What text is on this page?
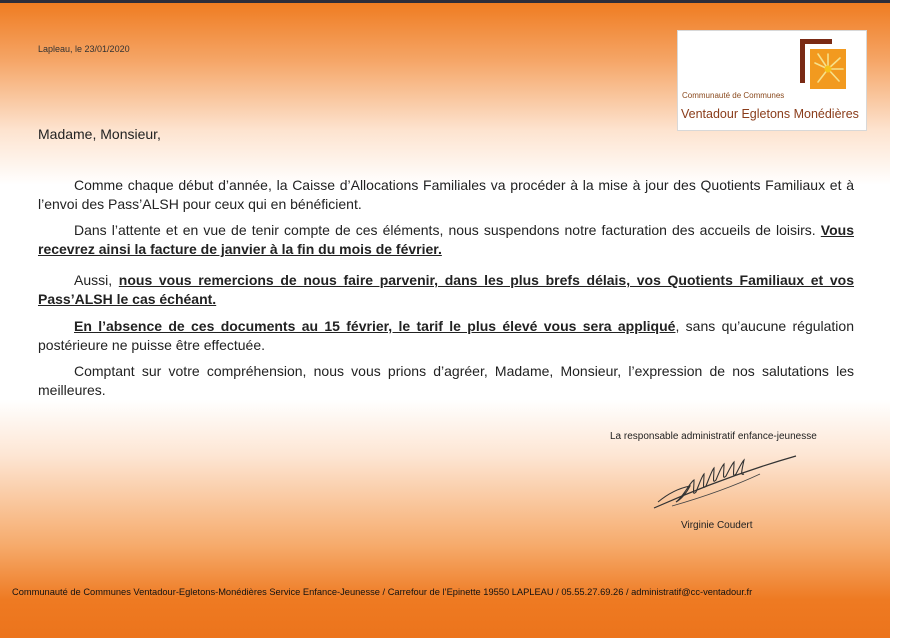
Lapleau, le 23/01/2020
Communauté de Communes
Ventadour Egletons Monédières
Madame, Monsieur,

Comme chaque début d’année, la Caisse d’Allocations Familiales va procéder à la mise à jour des Quotients Familiaux et à l’envoi des Pass’ALSH pour ceux qui en bénéficient.

Dans l’attente et en vue de tenir compte de ces éléments, nous suspendons notre facturation des accueils de loisirs. Vous recevrez ainsi la facture de janvier à la fin du mois de février.

Aussi, nous vous remercions de nous faire parvenir, dans les plus brefs délais, vos Quotients Familiaux et vos Pass’ALSH le cas échéant.

En l’absence de ces documents au 15 février, le tarif le plus élevé vous sera appliqué, sans qu’aucune régulation postérieure ne puisse être effectuée.

Comptant sur votre compréhension, nous vous prions d’agréer, Madame, Monsieur, l’expression de nos salutations les meilleures.

La responsable administratif enfance-jeunesse
Virginie Coudert
Communauté de Communes Ventadour-Egletons-Monédières Service Enfance-Jeunesse / Carrefour de l’Epinette 19550 LAPLEAU / 05.55.27.69.26 / administratif@cc-ventadour.fr
